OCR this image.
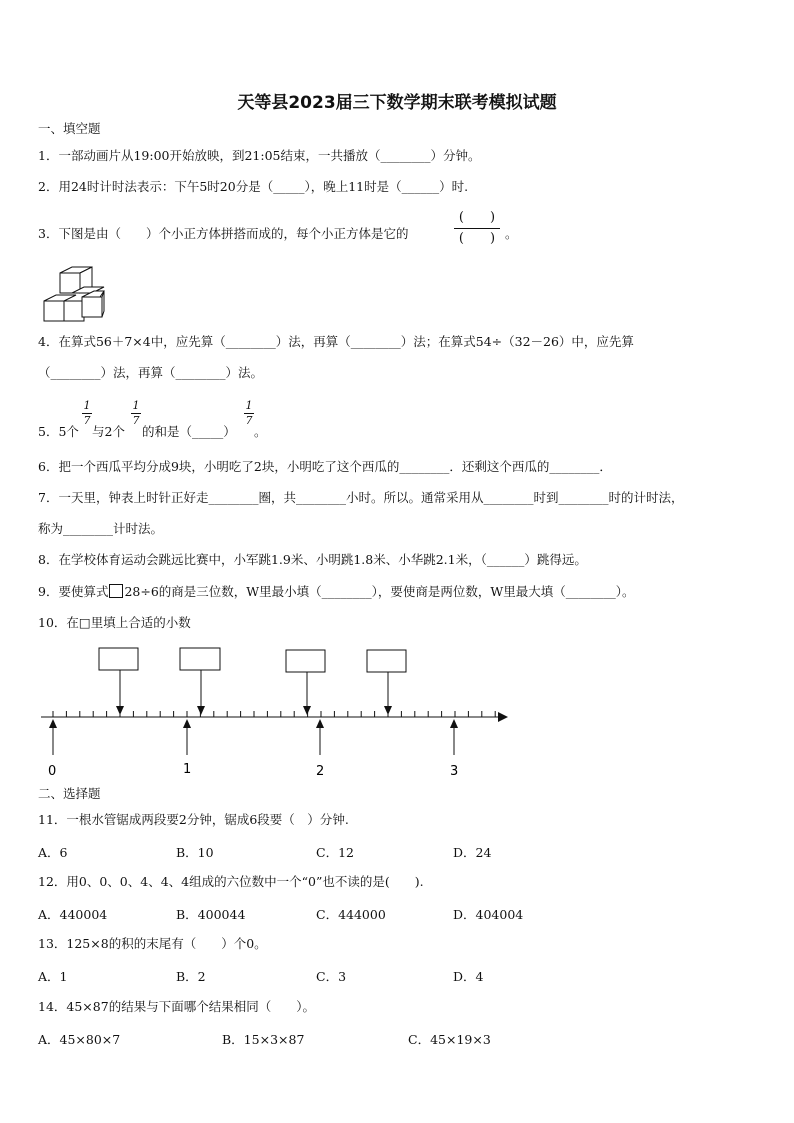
天等县2023届三下数学期末联考模拟试题
一、填空题
1．一部动画片从19:00开始放映，到21:05结束，一共播放（________）分钟。
2．用24时计时法表示：下午5时20分是（_____），晚上11时是（______）时.
3．下图是由（　　）个小正方体拼搭而成的，每个小正方体是它的
(　　)
(　　) 。
4．在算式56＋7×4中，应先算（________）法，再算（________）法；在算式54÷（32－26）中，应先算
（________）法，再算（________）法。
5．5个
1
7
与2个
1
7
的和是（_____）
1
7
。
6．把一个西瓜平均分成9块，小明吃了2块，小明吃了这个西瓜的________．还剩这个西瓜的________．
7．一天里，钟表上时针正好走________圈，共________小时。所以。通常采用从________时到________时的计时法，
称为________计时法。
8．在学校体育运动会跳远比赛中，小军跳1.9米、小明跳1.8米、小华跳2.1米，（______）跳得远。
9．要使算式 28÷6的商是三位数，W里最小填（________），要使商是两位数，W里最大填（________）。
10．在□里填上合适的小数
0	1	2	3
二、选择题
11．一根水管锯成两段要2分钟，锯成6段要（　）分钟.
A．6	B．10	C．12	D．24
12．用0、0、0、4、4、4组成的六位数中一个“0”也不读的是(　　).
A．440004	B．400044	C．444000	D．404004
13．125×8的积的末尾有（　　）个0。
A．1	B．2	C．3	D．4
14．45×87的结果与下面哪个结果相同（　　）。
A．45×80×7	B．15×3×87	C．45×19×3
